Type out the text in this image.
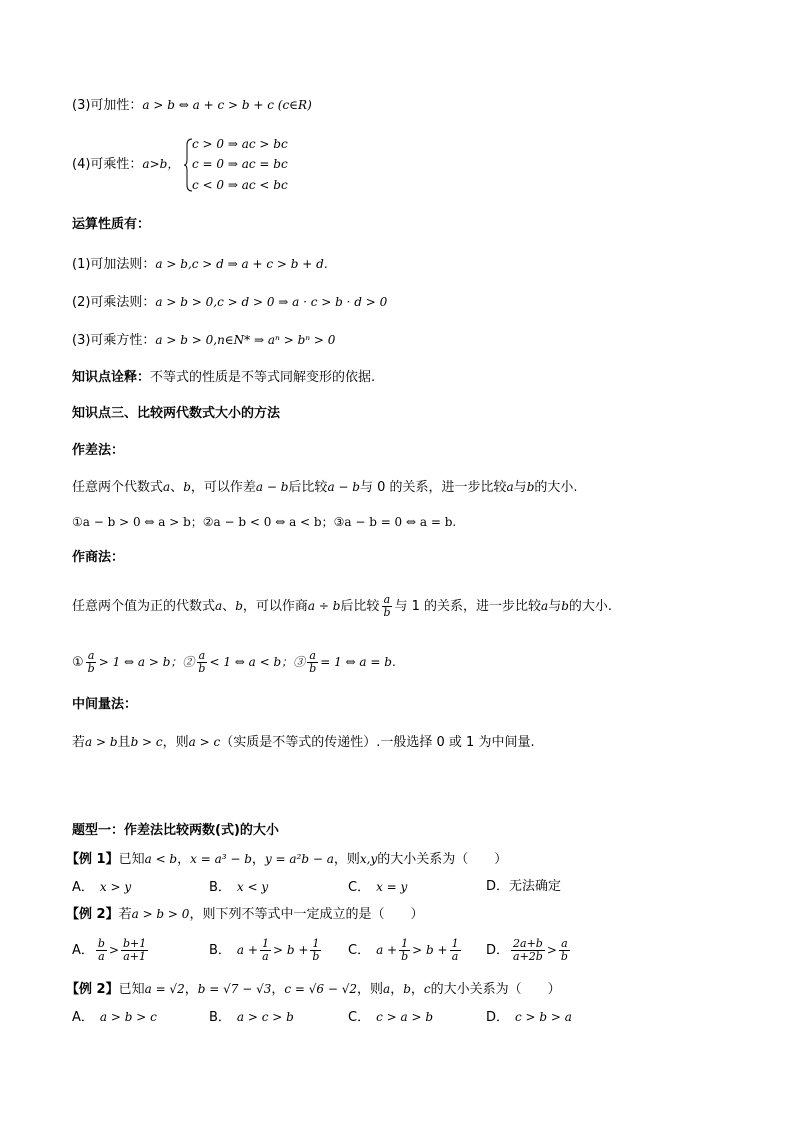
(3)可加性：a > b ⇔ a + c > b + c (c∈R)
(4)可乘性：a>b，
c > 0 ⇒ ac > bc
c = 0 ⇒ ac = bc
c < 0 ⇒ ac < bc
运算性质有：
(1)可加法则：a > b,c > d ⇒ a + c > b + d.
(2)可乘法则：a > b > 0,c > d > 0 ⇒ a · c > b · d > 0
(3)可乘方性：a > b > 0,n∈N* ⇒ aⁿ > bⁿ > 0
知识点诠释：不等式的性质是不等式同解变形的依据.
知识点三、比较两代数式大小的方法
作差法：
任意两个代数式a、b，可以作差a − b后比较a − b与 0 的关系，进一步比较a与b的大小.
①a − b > 0 ⇔ a > b；②a − b < 0 ⇔ a < b；③a − b = 0 ⇔ a = b.
作商法：
任意两个值为正的代数式a、b，可以作商a ÷ b后比较 $\frac{a}{b}$ 与 1 的关系，进一步比较a与b的大小.
① $\frac{a}{b} > 1$ ⇔ a > b；② $\frac{a}{b} < 1$ ⇔ a < b；③ $\frac{a}{b} = 1$ ⇔ a = b.
中间量法：
若a > b且b > c，则a > c（实质是不等式的传递性）.一般选择 0 或 1 为中间量.
题型一：作差法比较两数(式)的大小
【例 1】已知a < b，x = a³ − b，y = a²b − a，则x,y的大小关系为（　　）
A． x > y	B． x < y	C． x = y	D．无法确定
【例 2】若a > b > 0，则下列不等式中一定成立的是（　　）
A． $\frac{b}{a} > \frac{b+1}{a+1}$	B． $a + \frac{1}{a} > b + \frac{1}{b}$ C． $a + \frac{1}{b} > b + \frac{1}{a}$ D． $\frac{2a+b}{a+2b} > \frac{a}{b}$
【例 2】已知a = √2，b = √7 − √3，c = √6 − √2，则a，b，c的大小关系为（　　）
A． a > b > c	B． a > c > b	C． c > a > b	D． c > b > a
